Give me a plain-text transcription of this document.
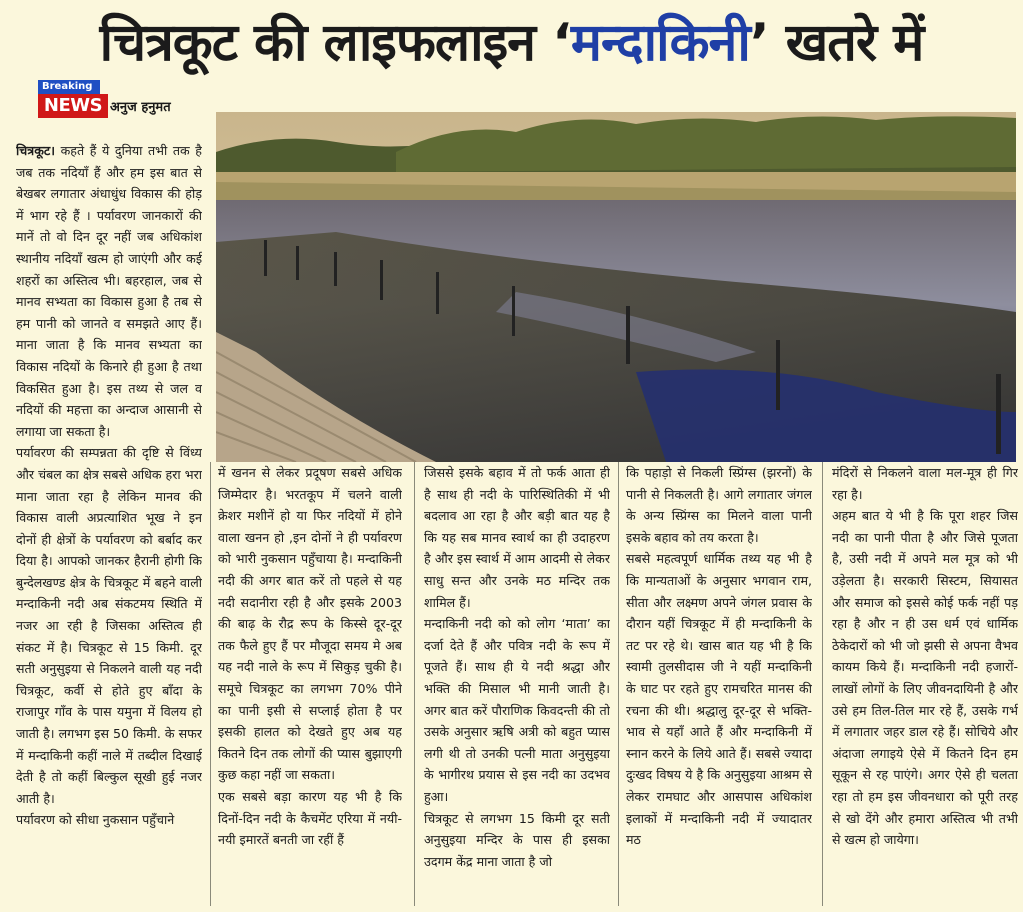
चित्रकूट की लाइफलाइन ‘मन्दाकिनी’ खतरे में
Breaking
NEWS अनुज हनुमत

चित्रकूट। कहते हैं ये दुनिया तभी तक है जब तक नदियाँ हैं और हम इस बात से बेखबर लगातार अंधाधुंध विकास की होड़ में भाग रहे हैं । पर्यावरण जानकारों की मानें तो वो दिन दूर नहीं जब अधिकांश स्थानीय नदियाँ खत्म हो जाएंगी और कई शहरों का अस्तित्व भी। बहरहाल, जब से मानव सभ्यता का विकास हुआ है तब से हम पानी को जानते व समझते आए हैं। माना जाता है कि मानव सभ्यता का विकास नदियों के किनारे ही हुआ है तथा विकसित हुआ है। इस तथ्य से जल व नदियों की महत्ता का अन्दाज आसानी से लगाया जा सकता है।

पर्यावरण की सम्पन्नता की दृष्टि से विंध्य और चंबल का क्षेत्र सबसे अधिक हरा भरा माना जाता रहा है लेकिन मानव की विकास वाली अप्रत्याशित भूख ने इन दोनों ही क्षेत्रों के पर्यावरण को बर्बाद कर दिया है। आपको जानकर हैरानी होगी कि बुन्देलखण्ड क्षेत्र के चित्रकूट में बहने वाली मन्दाकिनी नदी अब संकटमय स्थिति में नजर आ रही है जिसका अस्तित्व ही संकट में है। चित्रकूट से 15 किमी. दूर सती अनुसुइया से निकलने वाली यह नदी चित्रकूट, कर्वी से होते हुए बाँदा के राजापुर गाँव के पास यमुना में विलय हो जाती है। लगभग इस 50 किमी. के सफर में मन्दाकिनी कहीं नाले में तब्दील दिखाई देती है तो कहीं बिल्कुल सूखी हुई नजर आती है।

पर्यावरण को सीधा नुकसान पहुँचाने

में खनन से लेकर प्रदूषण सबसे अधिक जिम्मेदार है। भरतकूप में चलने वाली क्रेशर मशीनें हो या फिर नदियों में होने वाला खनन हो ,इन दोनों ने ही पर्यावरण को भारी नुकसान पहुँचाया है। मन्दाकिनी नदी की अगर बात करें तो पहले से यह नदी सदानीरा रही है और इसके 2003 की बाढ़ के रौद्र रूप के किस्से दूर-दूर तक फैले हुए हैं पर मौजूदा समय मे अब यह नदी नाले के रूप में सिकुड़ चुकी है। समूचे चित्रकूट का लगभग 70% पीने का पानी इसी से सप्लाई होता है पर इसकी हालत को देखते हुए अब यह कितने दिन तक लोगों की प्यास बुझाएगी कुछ कहा नहीं जा सकता।

एक सबसे बड़ा कारण यह भी है कि दिनों-दिन नदी के कैचमेंट एरिया में नयी-नयी इमारतें बनती जा रहीं हैं

जिससे इसके बहाव में तो फर्क आता ही है साथ ही नदी के पारिस्थितिकी में भी बदलाव आ रहा है और बड़ी बात यह है कि यह सब मानव स्वार्थ का ही उदाहरण है और इस स्वार्थ में आम आदमी से लेकर साधु सन्त और उनके मठ मन्दिर तक शामिल हैं।

मन्दाकिनी नदी को को लोग ‘माता’ का दर्जा देते हैं और पवित्र नदी के रूप में पूजते हैं। साथ ही ये नदी श्रद्धा और भक्ति की मिसाल भी मानी जाती है। अगर बात करें पौराणिक किवदन्ती की तो उसके अनुसार ऋषि अत्री को बहुत प्यास लगी थी तो उनकी पत्नी माता अनुसुइया के भागीरथ प्रयास से इस नदी का उदभव हुआ।

चित्रकूट से लगभग 15 किमी दूर सती अनुसुइया मन्दिर के पास ही इसका उदगम केंद्र माना जाता है जो

कि पहाड़ो से निकली स्प्रिंग्स (झरनों) के पानी से निकलती है। आगे लगातार जंगल के अन्य स्प्रिंग्स का मिलने वाला पानी इसके बहाव को तय करता है।

सबसे महत्वपूर्ण धार्मिक तथ्य यह भी है कि मान्यताओं के अनुसार भगवान राम, सीता और लक्ष्मण अपने जंगल प्रवास के दौरान यहीं चित्रकूट में ही मन्दाकिनी के तट पर रहे थे। खास बात यह भी है कि स्वामी तुलसीदास जी ने यहीं मन्दाकिनी के घाट पर रहते हुए रामचरित मानस की रचना की थी। श्रद्धालु दूर-दूर से भक्ति-भाव से यहाँ आते हैं और मन्दाकिनी में स्नान करने के लिये आते हैं। सबसे ज्यादा दुःखद विषय ये है कि अनुसुइया आश्रम से लेकर रामघाट और आसपास अधिकांश इलाकों में मन्दाकिनी नदी में ज्यादातर मठ

मंदिरों से निकलने वाला मल-मूत्र ही गिर रहा है।

अहम बात ये भी है कि पूरा शहर जिस नदी का पानी पीता है और जिसे पूजता है, उसी नदी में अपने मल मूत्र को भी उड़ेलता है। सरकारी सिस्टम, सियासत और समाज को इससे कोई फर्क नहीं पड़ रहा है और न ही उस धर्म एवं धार्मिक ठेकेदारों को भी जो झसी से अपना वैभव कायम किये हैं। मन्दाकिनी नदी हजारों-लाखों लोगों के लिए जीवनदायिनी है और उसे हम तिल-तिल मार रहे हैं, उसके गर्भ में लगातार जहर डाल रहे हैं। सोचिये और अंदाजा लगाइये ऐसे में कितने दिन हम सूकून से रह पाएंगे। अगर ऐसे ही चलता रहा तो हम इस जीवनधारा को पूरी तरह से खो देंगे और हमारा अस्तित्व भी तभी से खत्म हो जायेगा।
